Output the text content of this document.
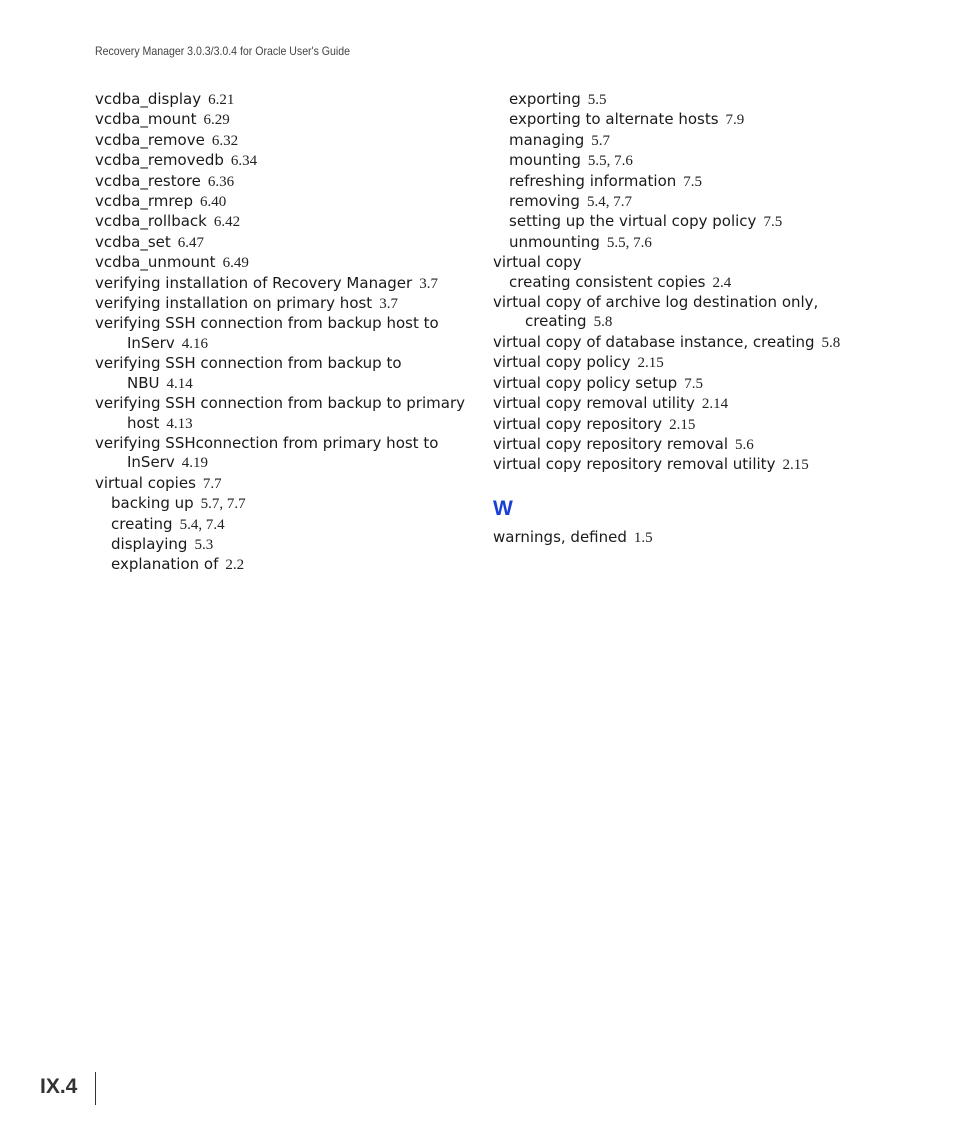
Recovery Manager 3.0.3/3.0.4 for Oracle User's Guide
vcdba_display 6.21
vcdba_mount 6.29
vcdba_remove 6.32
vcdba_removedb 6.34
vcdba_restore 6.36
vcdba_rmrep 6.40
vcdba_rollback 6.42
vcdba_set 6.47
vcdba_unmount 6.49
verifying installation of Recovery Manager 3.7
verifying installation on primary host 3.7
verifying SSH connection from backup host to
InServ 4.16
verifying SSH connection from backup to
NBU 4.14
verifying SSH connection from backup to primary
host 4.13
verifying SSHconnection from primary host to
InServ 4.19
virtual copies 7.7
backing up 5.7, 7.7
creating 5.4, 7.4
displaying 5.3
explanation of 2.2
exporting 5.5
exporting to alternate hosts 7.9
managing 5.7
mounting 5.5, 7.6
refreshing information 7.5
removing 5.4, 7.7
setting up the virtual copy policy 7.5
unmounting 5.5, 7.6
virtual copy
creating consistent copies 2.4
virtual copy of archive log destination only,
creating 5.8
virtual copy of database instance, creating 5.8
virtual copy policy 2.15
virtual copy policy setup 7.5
virtual copy removal utility 2.14
virtual copy repository 2.15
virtual copy repository removal 5.6
virtual copy repository removal utility 2.15
W
warnings, defined 1.5
IX.4
